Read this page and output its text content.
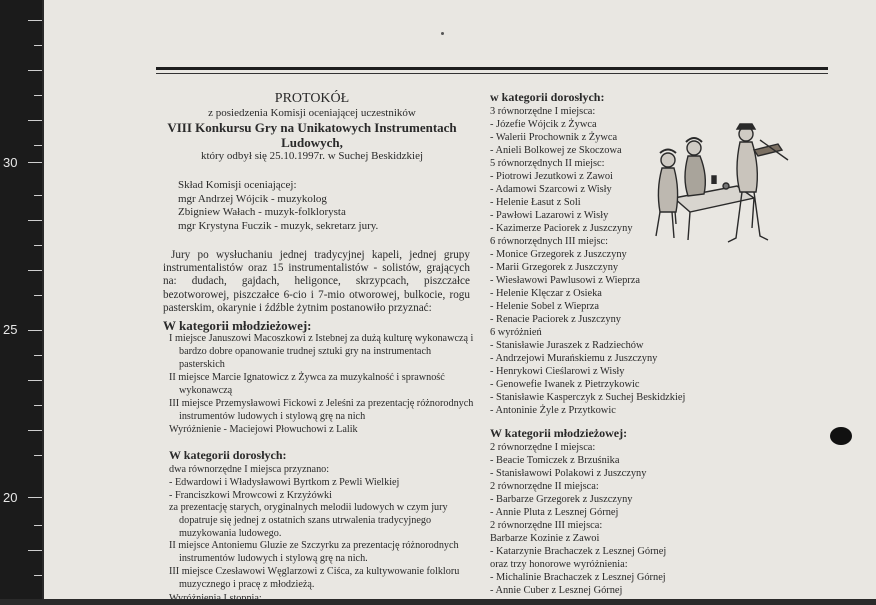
30
25
20
PROTOKÓŁ
z posiedzenia Komisji oceniającej uczestników
VIII Konkursu Gry na Unikatowych Instrumentach
Ludowych,
który odbył się 25.10.1997r. w Suchej Beskidzkiej
Skład Komisji oceniającej:
mgr Andrzej Wójcik - muzykolog
Zbigniew Wałach - muzyk-folklorysta
mgr Krystyna Fuczik - muzyk, sekretarz jury.
Jury po wysłuchaniu jednej tradycyjnej kapeli, jednej grupy instrumentalistów oraz 15 instrumentalistów - solistów, grających na: dudach, gajdach, heligonce, skrzypcach, piszczałce bezotworowej, piszczałce 6-cio i 7-mio otworowej, bulkocie, rogu pasterskim, okarynie i źdźble żytnim postanowiło przyznać:
W kategorii młodzieżowej:
I miejsce Januszowi Macoszkowi z Istebnej za dużą kulturę wykonawczą i bardzo dobre opanowanie trudnej sztuki gry na instrumentach pasterskich
II miejsce Marcie Ignatowicz z Żywca za muzykalność i sprawność wykonawczą
III miejsce Przemysławowi Fickowi z Jeleśni za prezentację różnorodnych instrumentów ludowych i stylową grę na nich
Wyróżnienie - Maciejowi Płowuchowi z Lalik
W kategorii dorosłych:
dwa równorzędne I miejsca przyznano:
- Edwardowi i Władysławowi Byrtkom z Pewli Wielkiej
- Franciszkowi Mrowcowi z Krzyżówki
za prezentację starych, oryginalnych melodii ludowych w czym jury dopatruje się jednej z ostatnich szans utrwalenia tradycyjnego muzykowania ludowego.
II miejsce Antoniemu Gluzie ze Szczyrku za prezentację różnorodnych instrumentów ludowych i stylową grę na nich.
III miejsce Czesławowi Węglarzowi z Ciśca, za kultywowanie folkloru muzycznego i pracę z młodzieżą.
Wyróżnienia I stopnia:
w kategorii dorosłych:
3 równorzędne I miejsca:
- Józefie Wójcik z Żywca
- Walerii Prochownik z Żywca
- Anieli Bolkowej ze Skoczowa
5 równorzędnych II miejsc:
- Piotrowi Jezutkowi z Zawoi
- Adamowi Szarcowi z Wisły
- Helenie Łasut z Soli
- Pawłowi Lazarowi z Wisły
- Kazimerze Paciorek z Juszczyny
6 równorzędnych III miejsc:
- Monice Grzegorek z Juszczyny
- Marii Grzegorek z Juszczyny
- Wiesławowi Pawlusowi z Wieprza
- Helenie Klęczar z Osieka
- Helenie Sobel z Wieprza
- Renacie Paciorek z Juszczyny
6 wyróżnień
- Stanisławie Juraszek z Radziechów
- Andrzejowi Murańskiemu z Juszczyny
- Henrykowi Cieślarowi z Wisły
- Genowefie Iwanek z Pietrzykowic
- Stanisławie Kasperczyk z Suchej Beskidzkiej
- Antoninie Żyle z Przytkowic
W kategorii młodzieżowej:
2 równorzędne I miejsca:
- Beacie Tomiczek z Brzuśnika
- Stanisławowi Polakowi z Juszczyny
2 równorzędne II miejsca:
- Barbarze Grzegorek z Juszczyny
- Annie Pluta z Lesznej Górnej
2 równorzędne III miejsca:
Barbarze Kozinie z Zawoi
- Katarzynie Brachaczek z Lesznej Górnej
oraz trzy honorowe wyróżnienia:
- Michalinie Brachaczek z Lesznej Górnej
- Annie Cuber z Lesznej Górnej
